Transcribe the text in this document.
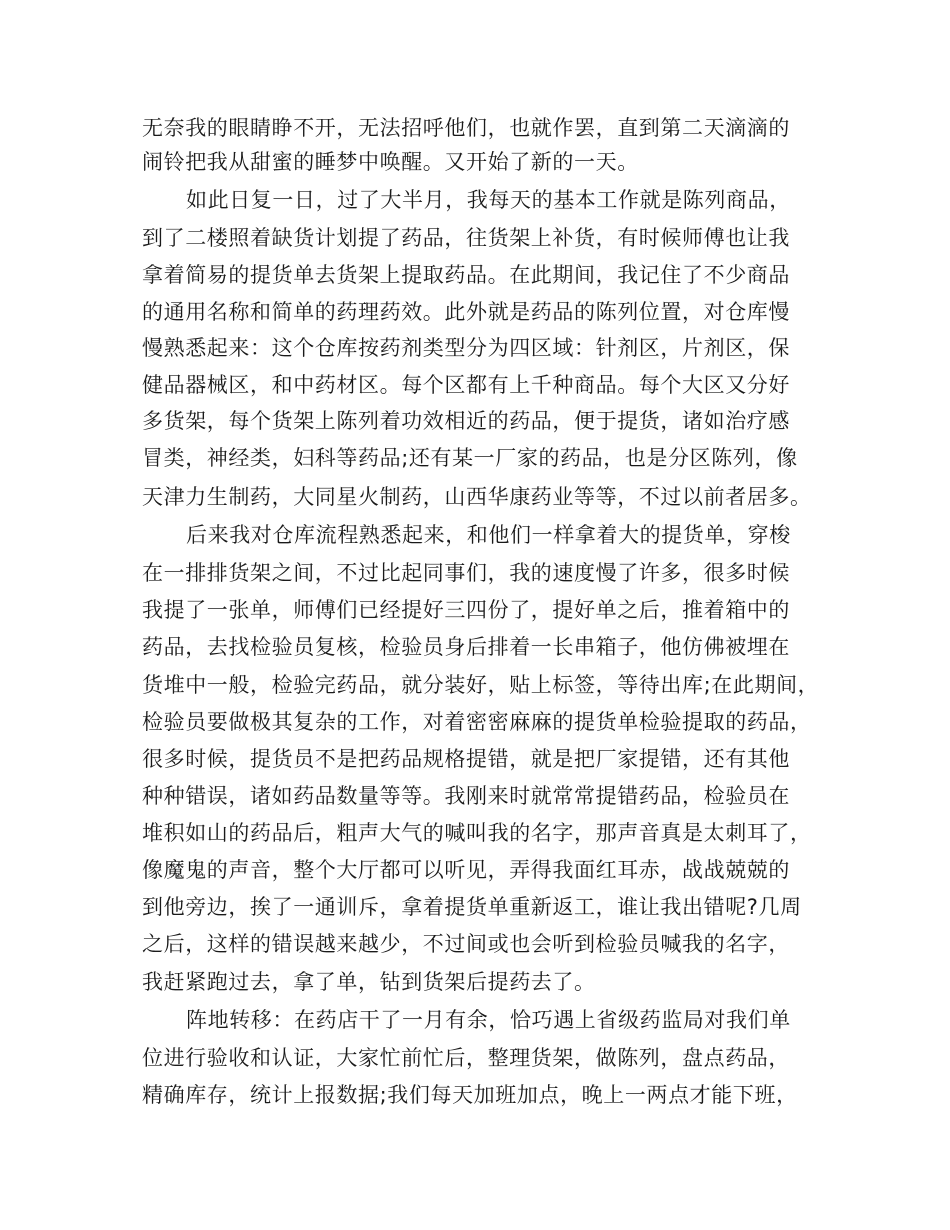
无奈我的眼睛睁不开，无法招呼他们，也就作罢，直到第二天滴滴的
闹铃把我从甜蜜的睡梦中唤醒。又开始了新的一天。
如此日复一日，过了大半月，我每天的基本工作就是陈列商品，
到了二楼照着缺货计划提了药品，往货架上补货，有时候师傅也让我
拿着简易的提货单去货架上提取药品。在此期间，我记住了不少商品
的通用名称和简单的药理药效。此外就是药品的陈列位置，对仓库慢
慢熟悉起来：这个仓库按药剂类型分为四区域：针剂区，片剂区，保
健品器械区，和中药材区。每个区都有上千种商品。每个大区又分好
多货架，每个货架上陈列着功效相近的药品，便于提货，诸如治疗感
冒类，神经类，妇科等药品;还有某一厂家的药品，也是分区陈列，像
天津力生制药，大同星火制药，山西华康药业等等，不过以前者居多。
后来我对仓库流程熟悉起来，和他们一样拿着大的提货单，穿梭
在一排排货架之间，不过比起同事们，我的速度慢了许多，很多时候
我提了一张单，师傅们已经提好三四份了，提好单之后，推着箱中的
药品，去找检验员复核，检验员身后排着一长串箱子，他仿佛被埋在
货堆中一般，检验完药品，就分装好，贴上标签，等待出库;在此期间，
检验员要做极其复杂的工作，对着密密麻麻的提货单检验提取的药品，
很多时候，提货员不是把药品规格提错，就是把厂家提错，还有其他
种种错误，诸如药品数量等等。我刚来时就常常提错药品，检验员在
堆积如山的药品后，粗声大气的喊叫我的名字，那声音真是太刺耳了，
像魔鬼的声音，整个大厅都可以听见，弄得我面红耳赤，战战兢兢的
到他旁边，挨了一通训斥，拿着提货单重新返工，谁让我出错呢?几周
之后，这样的错误越来越少，不过间或也会听到检验员喊我的名字，
我赶紧跑过去，拿了单，钻到货架后提药去了。
阵地转移：在药店干了一月有余，恰巧遇上省级药监局对我们单
位进行验收和认证，大家忙前忙后，整理货架，做陈列，盘点药品，
精确库存，统计上报数据;我们每天加班加点，晚上一两点才能下班，
